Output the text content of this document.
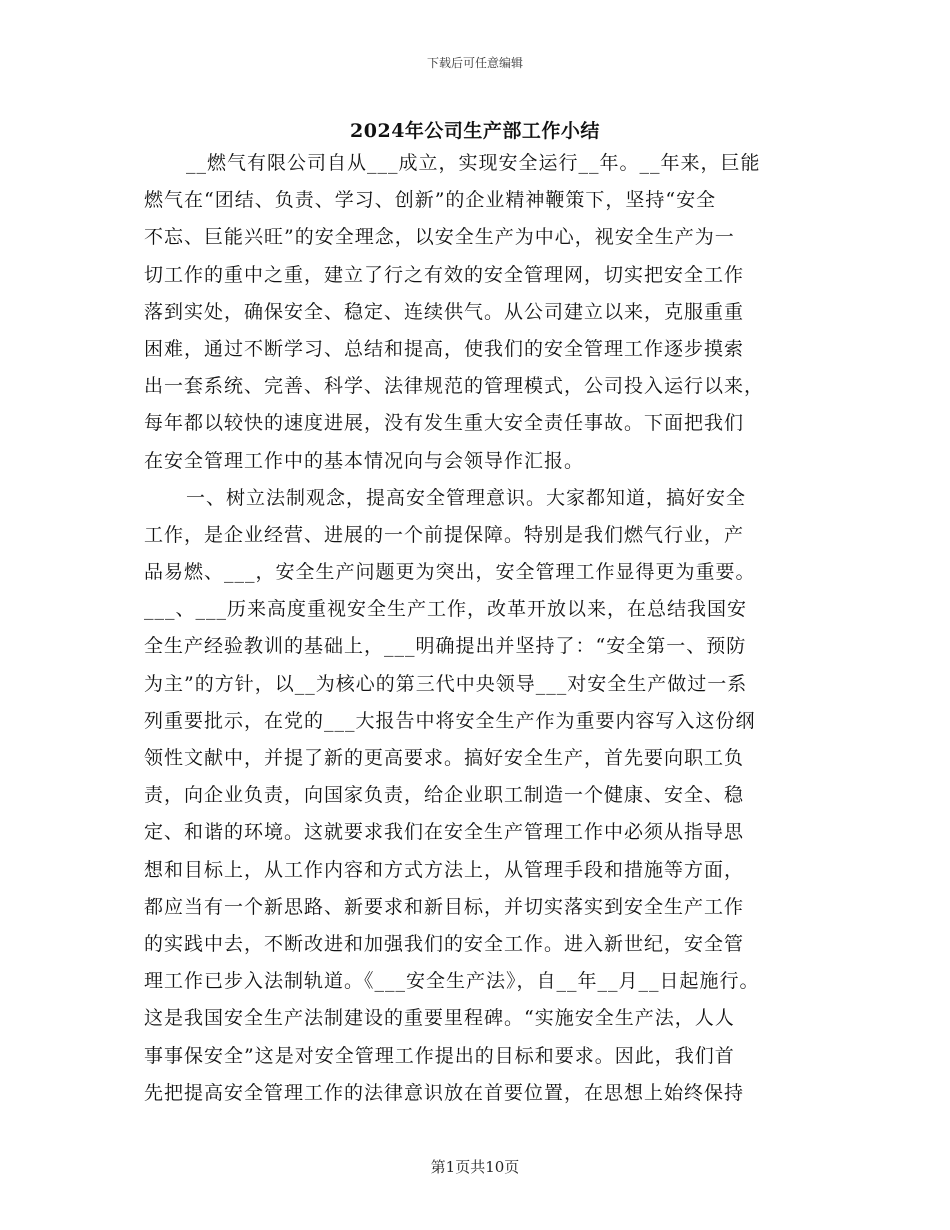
下载后可任意编辑
2024年公司生产部工作小结
__燃气有限公司自从___成立，实现安全运行__年。__年来，巨能
燃气在“团结、负责、学习、创新”的企业精神鞭策下，坚持“安全
不忘、巨能兴旺”的安全理念，以安全生产为中心，视安全生产为一
切工作的重中之重，建立了行之有效的安全管理网，切实把安全工作
落到实处，确保安全、稳定、连续供气。从公司建立以来，克服重重
困难，通过不断学习、总结和提高，使我们的安全管理工作逐步摸索
出一套系统、完善、科学、法律规范的管理模式，公司投入运行以来，
每年都以较快的速度进展，没有发生重大安全责任事故。下面把我们
在安全管理工作中的基本情况向与会领导作汇报。
一、树立法制观念，提高安全管理意识。大家都知道，搞好安全
工作，是企业经营、进展的一个前提保障。特别是我们燃气行业，产
品易燃、___，安全生产问题更为突出，安全管理工作显得更为重要。
___、___历来高度重视安全生产工作，改革开放以来，在总结我国安
全生产经验教训的基础上，___明确提出并坚持了：“安全第一、预防
为主”的方针，以__为核心的第三代中央领导___对安全生产做过一系
列重要批示，在党的___大报告中将安全生产作为重要内容写入这份纲
领性文献中，并提了新的更高要求。搞好安全生产，首先要向职工负
责，向企业负责，向国家负责，给企业职工制造一个健康、安全、稳
定、和谐的环境。这就要求我们在安全生产管理工作中必须从指导思
想和目标上，从工作内容和方式方法上，从管理手段和措施等方面，
都应当有一个新思路、新要求和新目标，并切实落实到安全生产工作
的实践中去，不断改进和加强我们的安全工作。进入新世纪，安全管
理工作已步入法制轨道。《___安全生产法》，自__年__月__日起施行。
这是我国安全生产法制建设的重要里程碑。“实施安全生产法，人人
事事保安全”这是对安全管理工作提出的目标和要求。因此，我们首
先把提高安全管理工作的法律意识放在首要位置，在思想上始终保持
第1页共10页
